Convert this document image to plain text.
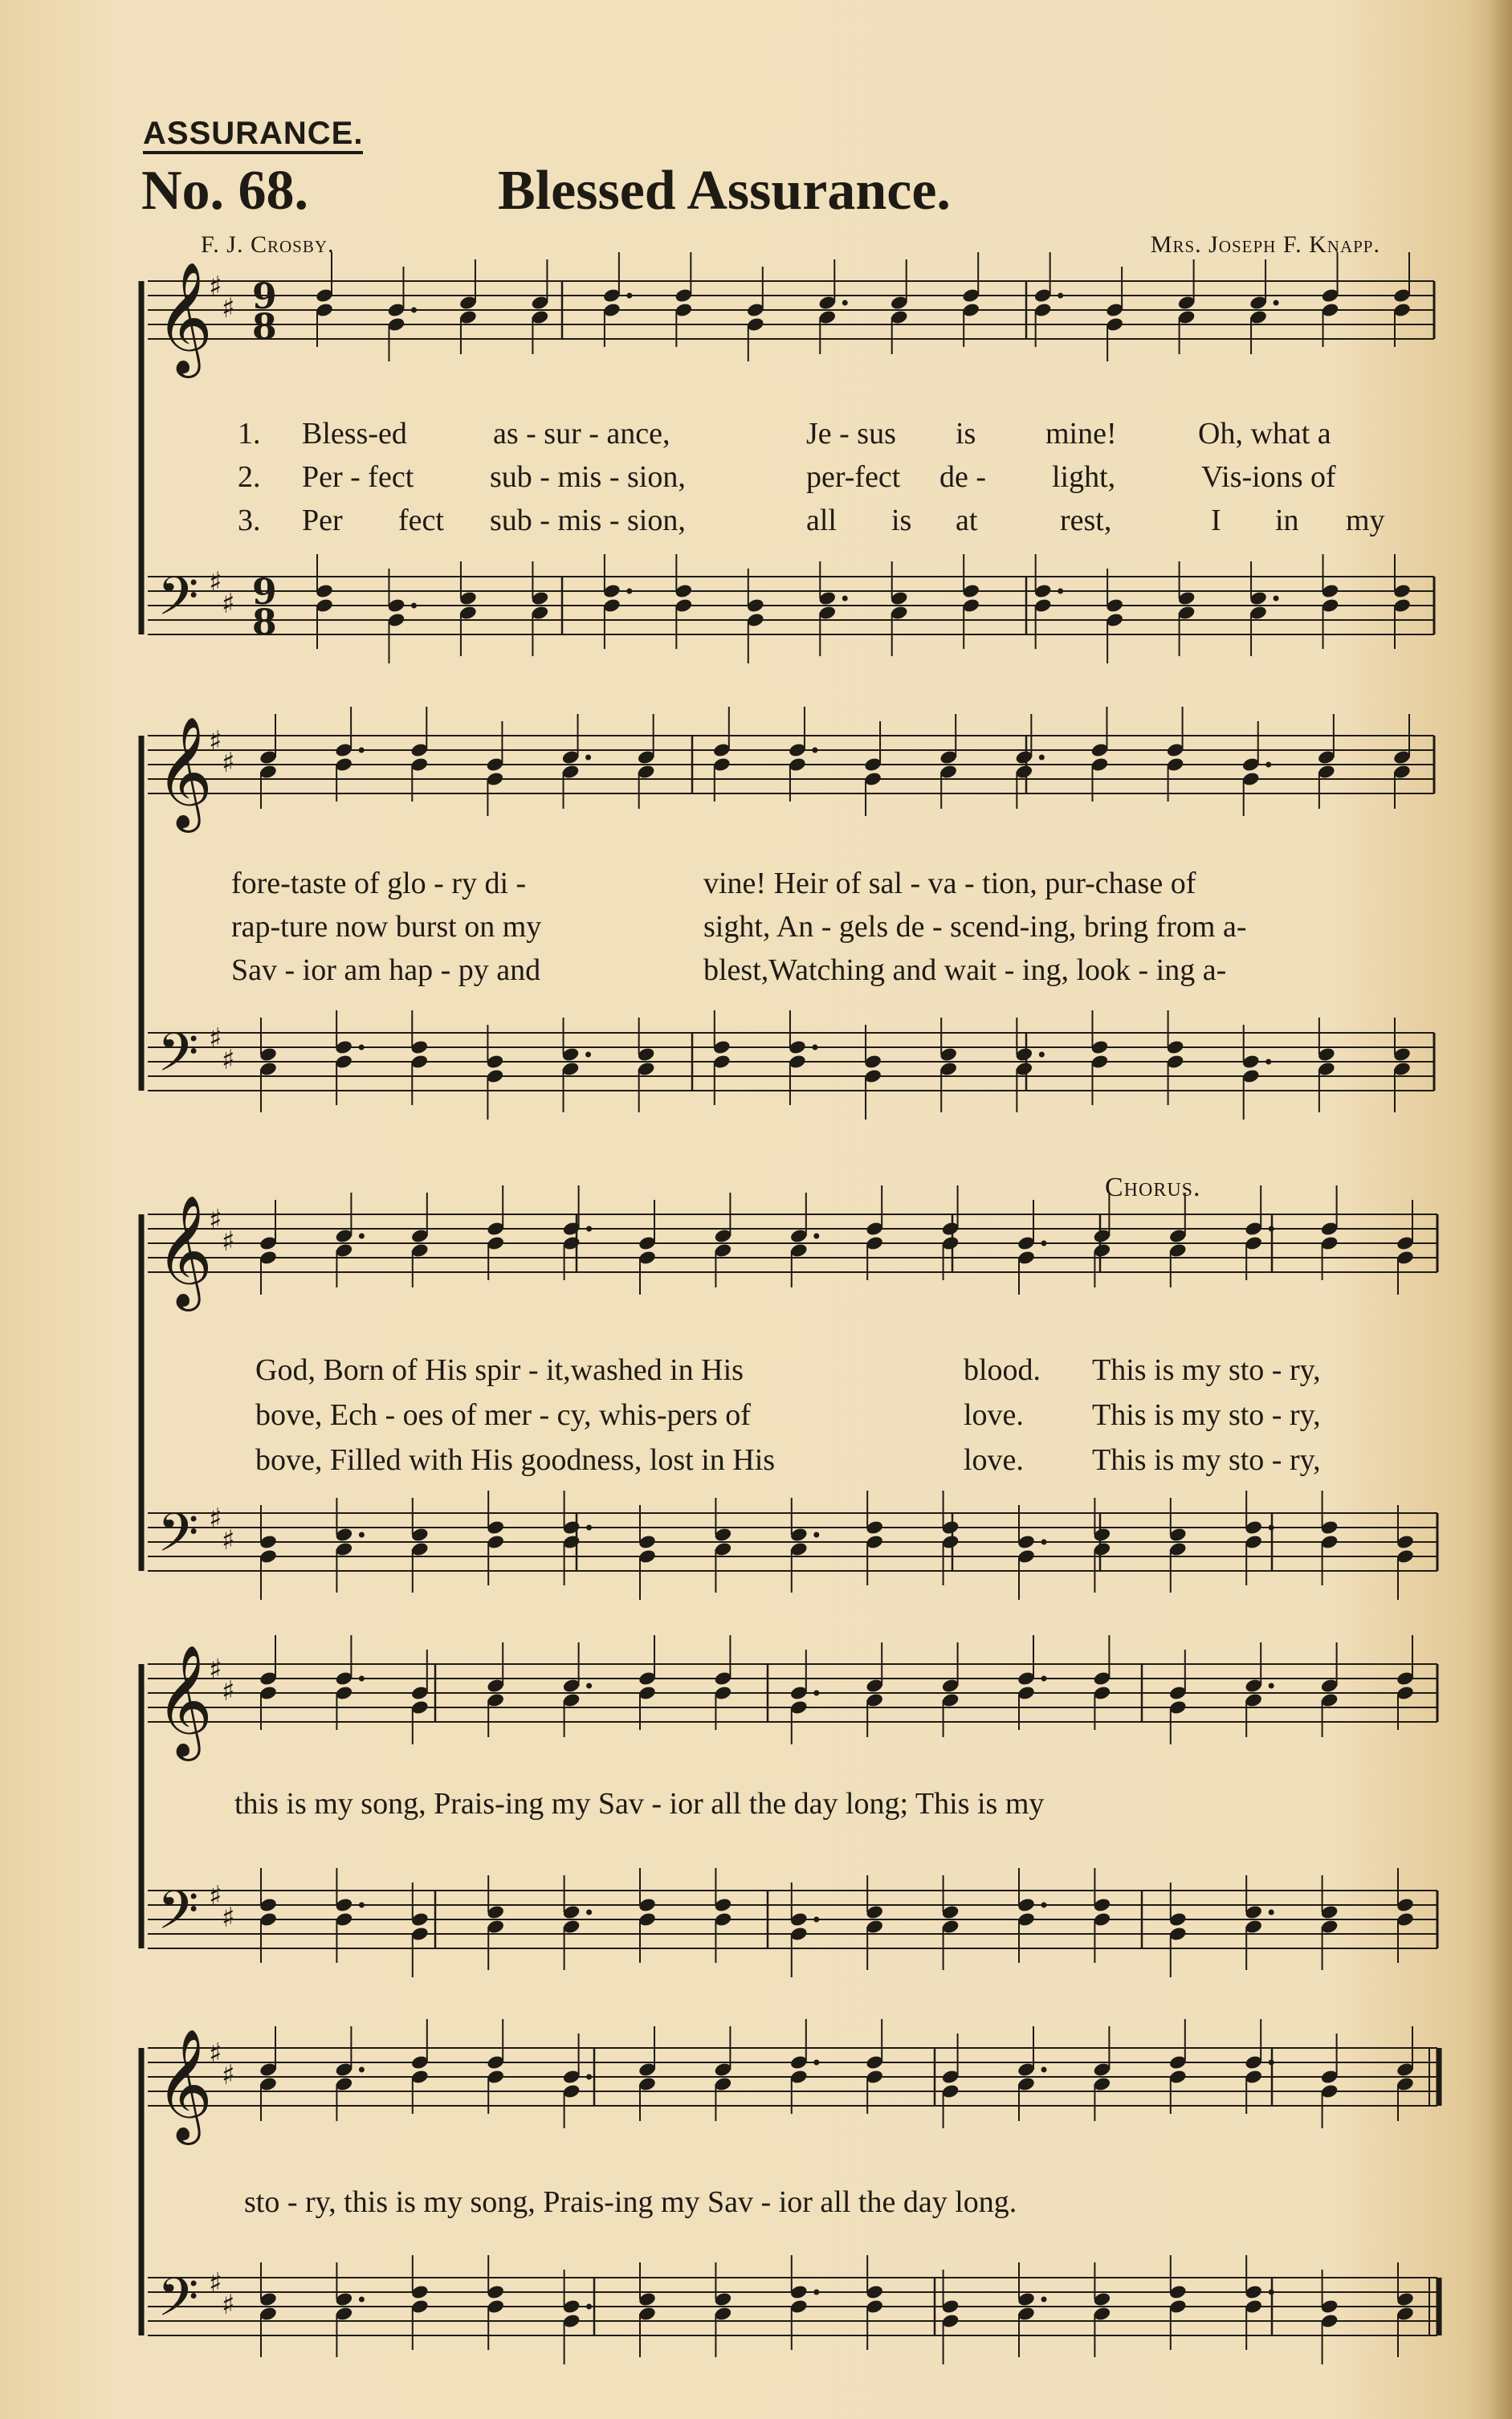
ASSURANCE.
No. 68.	Blessed Assurance.
F. J. Crosby.	Mrs. Joseph F. Knapp.
Chorus.
1. Bless-ed	as - sur - ance,	Je - sus is mine!	Oh, what a
2. Per - fect sub - mis - sion,	per-fect de - light,	Vis-ions of
3. Per fect sub - mis - sion,	all is at	rest,	I in my
fore-taste of glo - ry di -	vine! Heir of sal - va - tion, pur-chase of
rap-ture now burst on my	sight, An - gels de - scend-ing, bring from a-
Sav - ior am hap - py and	blest,Watching and wait - ing, look - ing a-
God, Born of His spir - it,washed in His	blood. This is my sto - ry,
bove, Ech - oes of mer - cy, whis-pers of	love. This is my sto - ry,
bove, Filled with His goodness, lost in His	love. This is my sto - ry,
this is my song, Prais-ing my Sav - ior all the day long; This is my
sto - ry, this is my song, Prais-ing my Sav - ior all the day long.
𝄞
♯
♯
𝄢 ♯
♯
9
8
9
8
𝄞
♯
♯
𝄢 ♯
♯
𝄞
♯
♯
𝄢 ♯
♯
𝄞
♯
♯
𝄢 ♯
♯
𝄞
♯
♯
𝄢 ♯
♯
